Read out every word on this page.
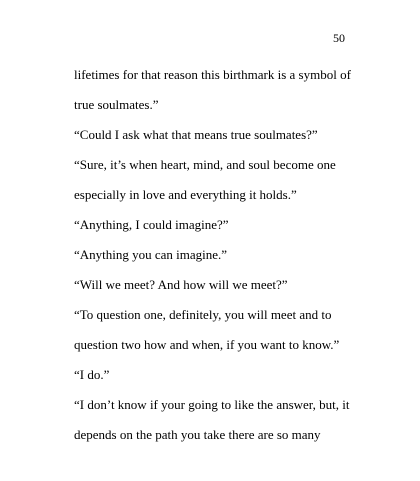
50
lifetimes for that reason this birthmark is a symbol of
true soulmates.”
“Could I ask what that means true soulmates?”
“Sure, it’s when heart, mind, and soul become one
especially in love and everything it holds.”
“Anything, I could imagine?”
“Anything you can imagine.”
“Will we meet? And how will we meet?”
“To question one, definitely, you will meet and to
question two how and when, if you want to know.”
“I do.”
“I don’t know if your going to like the answer, but, it
depends on the path you take there are so many
